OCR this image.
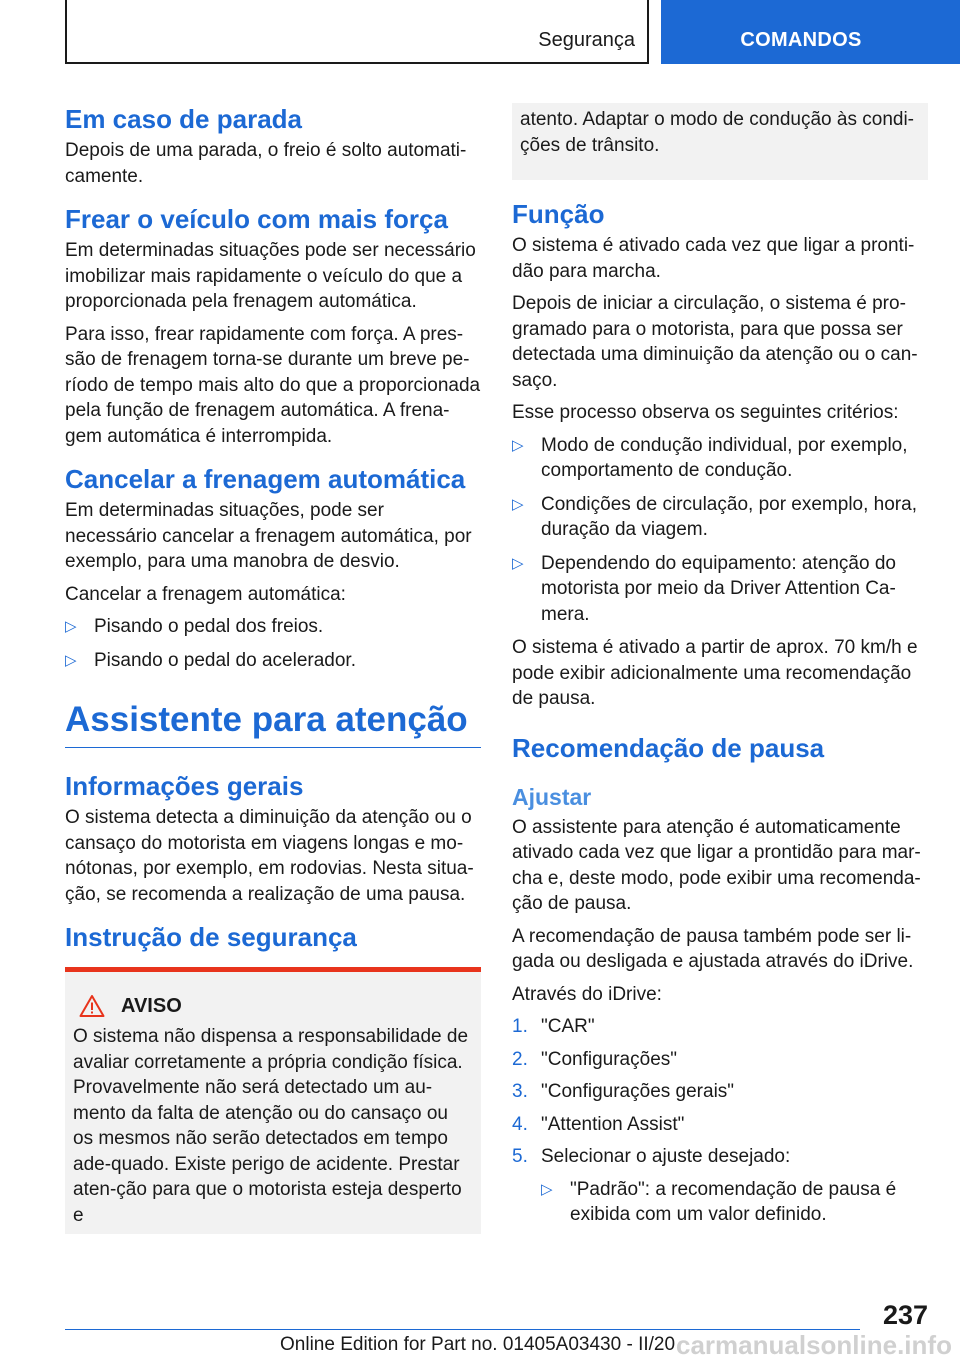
Segurança	COMANDOS
Em caso de parada

Depois de uma parada, o freio é solto automati-camente.

Frear o veículo com mais força

Em determinadas situações pode ser necessário imobilizar mais rapidamente o veículo do que a proporcionada pela frenagem automática.

Para isso, frear rapidamente com força. A pres-são de frenagem torna-se durante um breve pe-ríodo de tempo mais alto do que a proporcionada pela função de frenagem automática. A frena-gem automática é interrompida.

Cancelar a frenagem automática

Em determinadas situações, pode ser necessário cancelar a frenagem automática, por exemplo, para uma manobra de desvio.

Cancelar a frenagem automática:

▷ Pisando o pedal dos freios.
▷ Pisando o pedal do acelerador.
Assistente para atenção
Informações gerais

O sistema detecta a diminuição da atenção ou o cansaço do motorista em viagens longas e mo-nótonas, por exemplo, em rodovias. Nesta situa-ção, se recomenda a realização de uma pausa.

Instrução de segurança
AVISO

O sistema não dispensa a responsabilidade de avaliar corretamente a própria condição física. Provavelmente não será detectado um au-mento da falta de atenção ou do cansaço ou os mesmos não serão detectados em tempo ade-quado. Existe perigo de acidente. Prestar aten-ção para que o motorista esteja desperto e

atento. Adaptar o modo de condução às condi-ções de trânsito.

Função

O sistema é ativado cada vez que ligar a pronti-dão para marcha.

Depois de iniciar a circulação, o sistema é pro-gramado para o motorista, para que possa ser detectada uma diminuição da atenção ou o can-saço.

Esse processo observa os seguintes critérios:

▷ Modo de condução individual, por exemplo, comportamento de condução.
▷ Condições de circulação, por exemplo, hora, duração da viagem.
▷ Dependendo do equipamento: atenção do motorista por meio da Driver Attention Ca-mera.

O sistema é ativado a partir de aprox. 70 km/h e pode exibir adicionalmente uma recomendação de pausa.

Recomendação de pausa
Ajustar

O assistente para atenção é automaticamente ativado cada vez que ligar a prontidão para mar-cha e, deste modo, pode exibir uma recomenda-ção de pausa.

A recomendação de pausa também pode ser li-gada ou desligada e ajustada através do iDrive.

Através do iDrive:

1. "CAR"
2. "Configurações"
3. "Configurações gerais"
4. "Attention Assist"
5. Selecionar o ajuste desejado:
▷ "Padrão": a recomendação de pausa é exibida com um valor definido.
237
Online Edition for Part no. 01405A03430 - II/20 carmanualsonline.info
